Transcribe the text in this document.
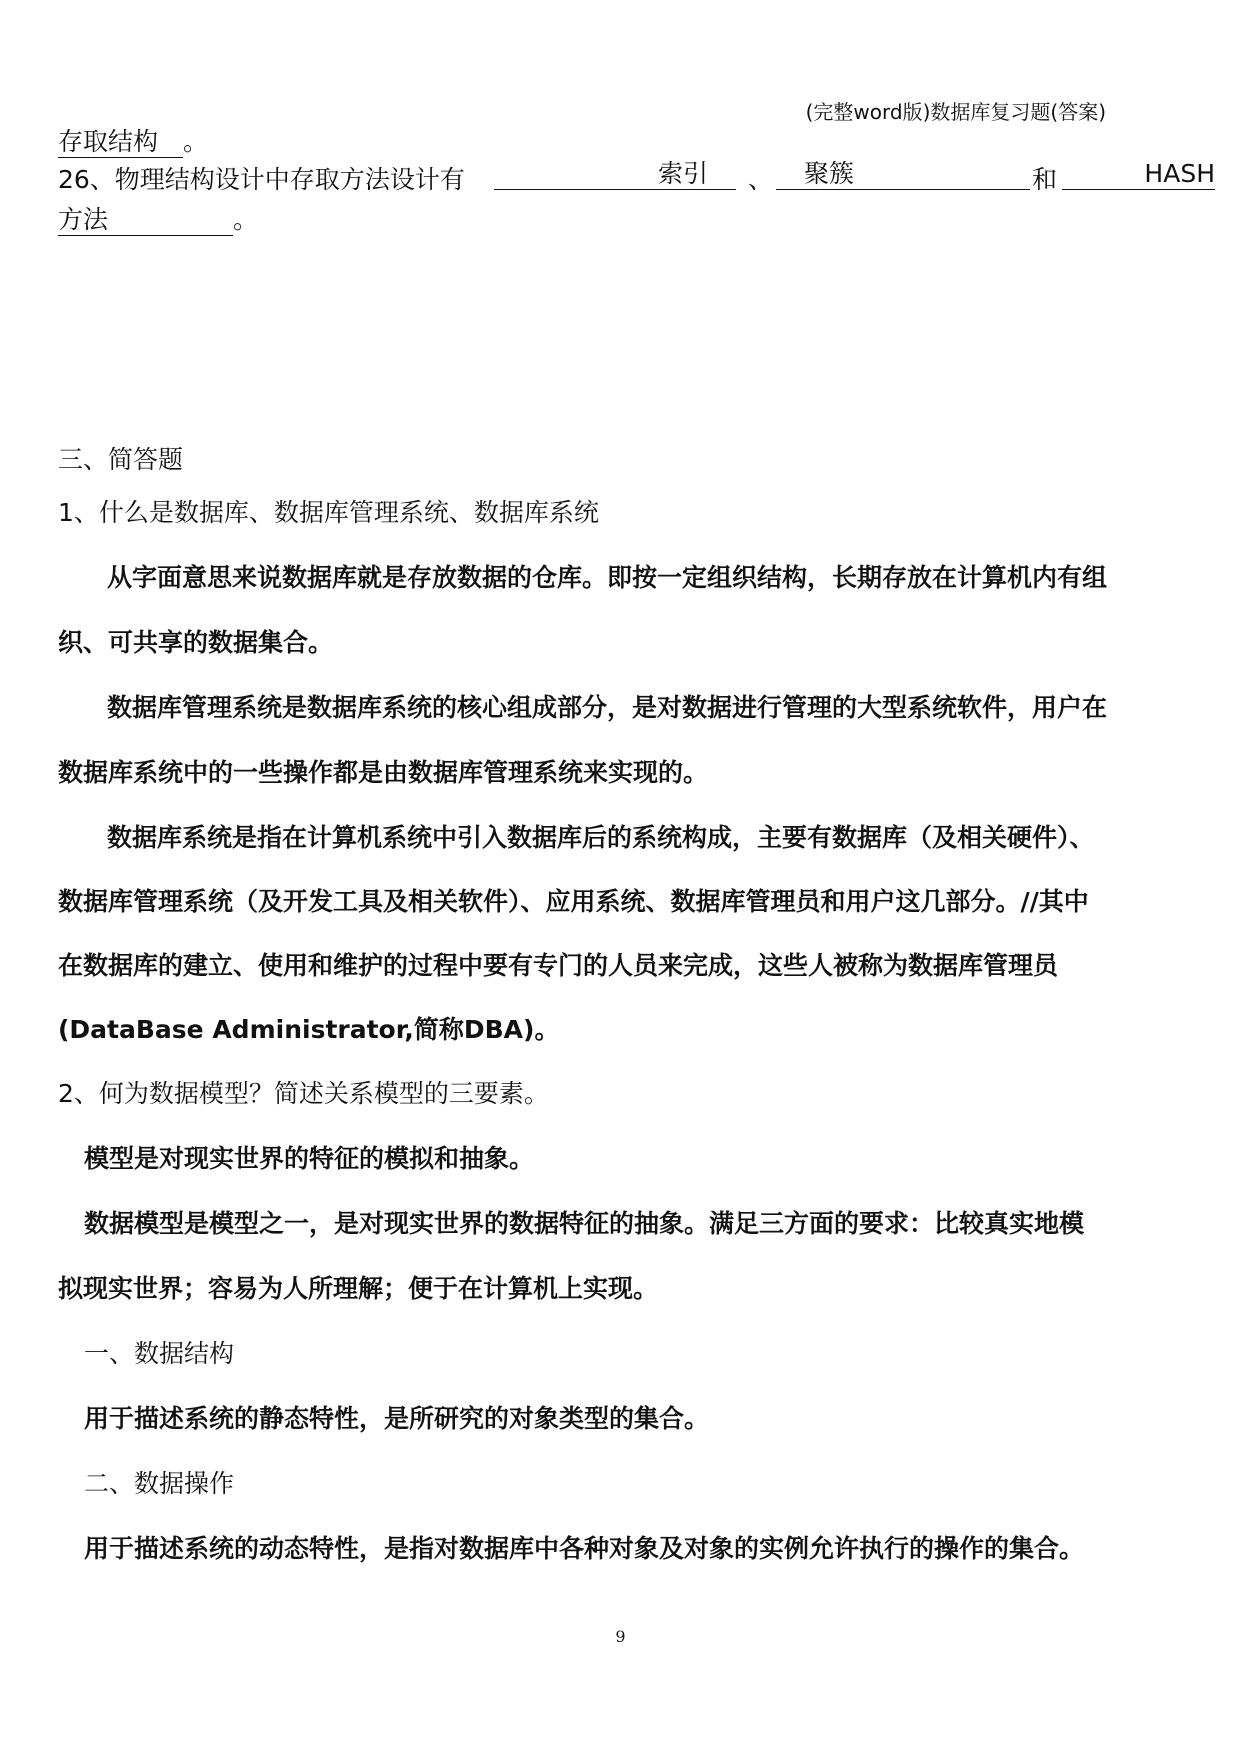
(完整word版)数据库复习题(答案)
存取结构 。
26、物理结构设计中存取方法设计有	索引	、	聚簇	和	HASH
方法	。
三、简答题
1、什么是数据库、数据库管理系统、数据库系统
从字面意思来说数据库就是存放数据的仓库。即按一定组织结构，长期存放在计算机内有组
织、可共享的数据集合。
数据库管理系统是数据库系统的核心组成部分，是对数据进行管理的大型系统软件，用户在
数据库系统中的一些操作都是由数据库管理系统来实现的。
数据库系统是指在计算机系统中引入数据库后的系统构成，主要有数据库（及相关硬件）、
数据库管理系统（及开发工具及相关软件）、应用系统、数据库管理员和用户这几部分。//其中
在数据库的建立、使用和维护的过程中要有专门的人员来完成，这些人被称为数据库管理员
(DataBase Administrator,简称DBA)。
2、何为数据模型？简述关系模型的三要素。
模型是对现实世界的特征的模拟和抽象。
数据模型是模型之一，是对现实世界的数据特征的抽象。满足三方面的要求：比较真实地模
拟现实世界；容易为人所理解；便于在计算机上实现。
一、数据结构
用于描述系统的静态特性，是所研究的对象类型的集合。
二、数据操作
用于描述系统的动态特性，是指对数据库中各种对象及对象的实例允许执行的操作的集合。
9
